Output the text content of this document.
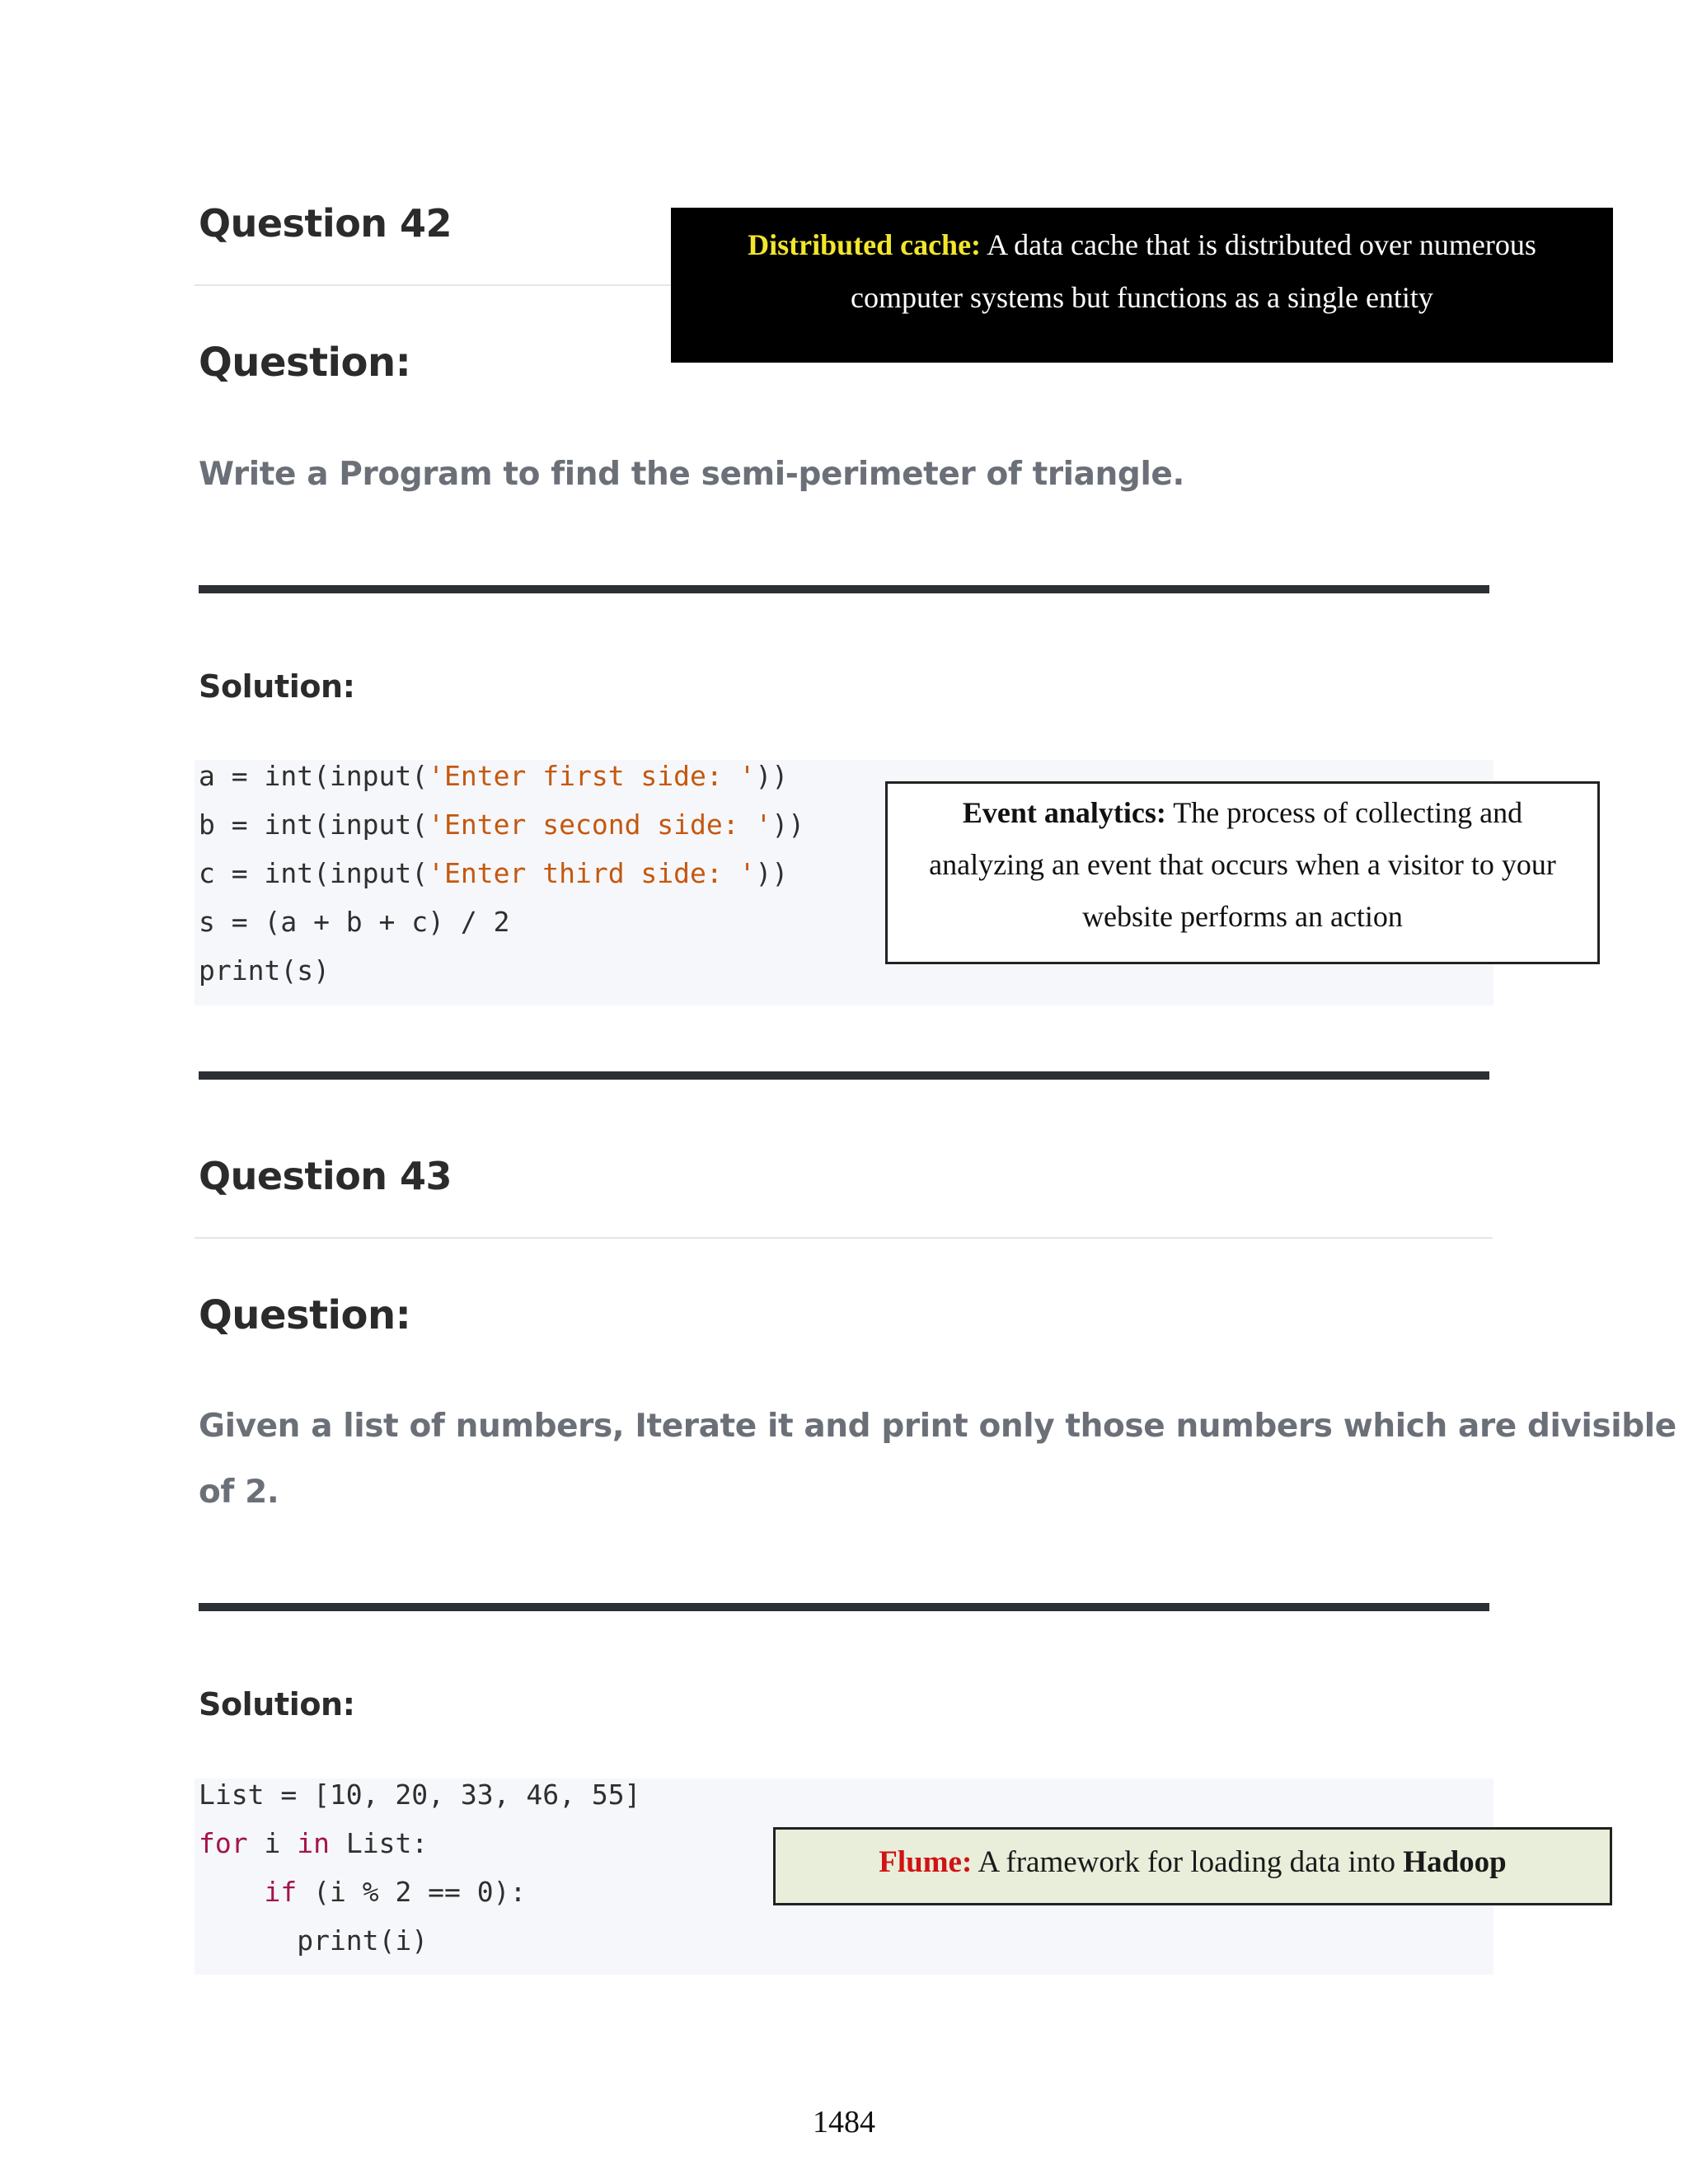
Question 42	Distributed cache: A data cache that is distributed over numerous
computer systems but functions as a single entity
Question:

Write a Program to find the semi-perimeter of triangle.

Solution:
a = int(input('Enter first side: '))
b = int(input('Enter second side: '))
c = int(input('Enter third side: '))
s = (a + b + c) / 2
print(s)
Event analytics: The process of collecting and
analyzing an event that occurs when a visitor to your
website performs an action
Question 43
Question:

Given a list of numbers, Iterate it and print only those numbers which are divisible

of 2.

Solution:
List = [10, 20, 33, 46, 55]
for i in List:
if (i % 2 == 0):
print(i)
Flume: A framework for loading data into Hadoop
1484
